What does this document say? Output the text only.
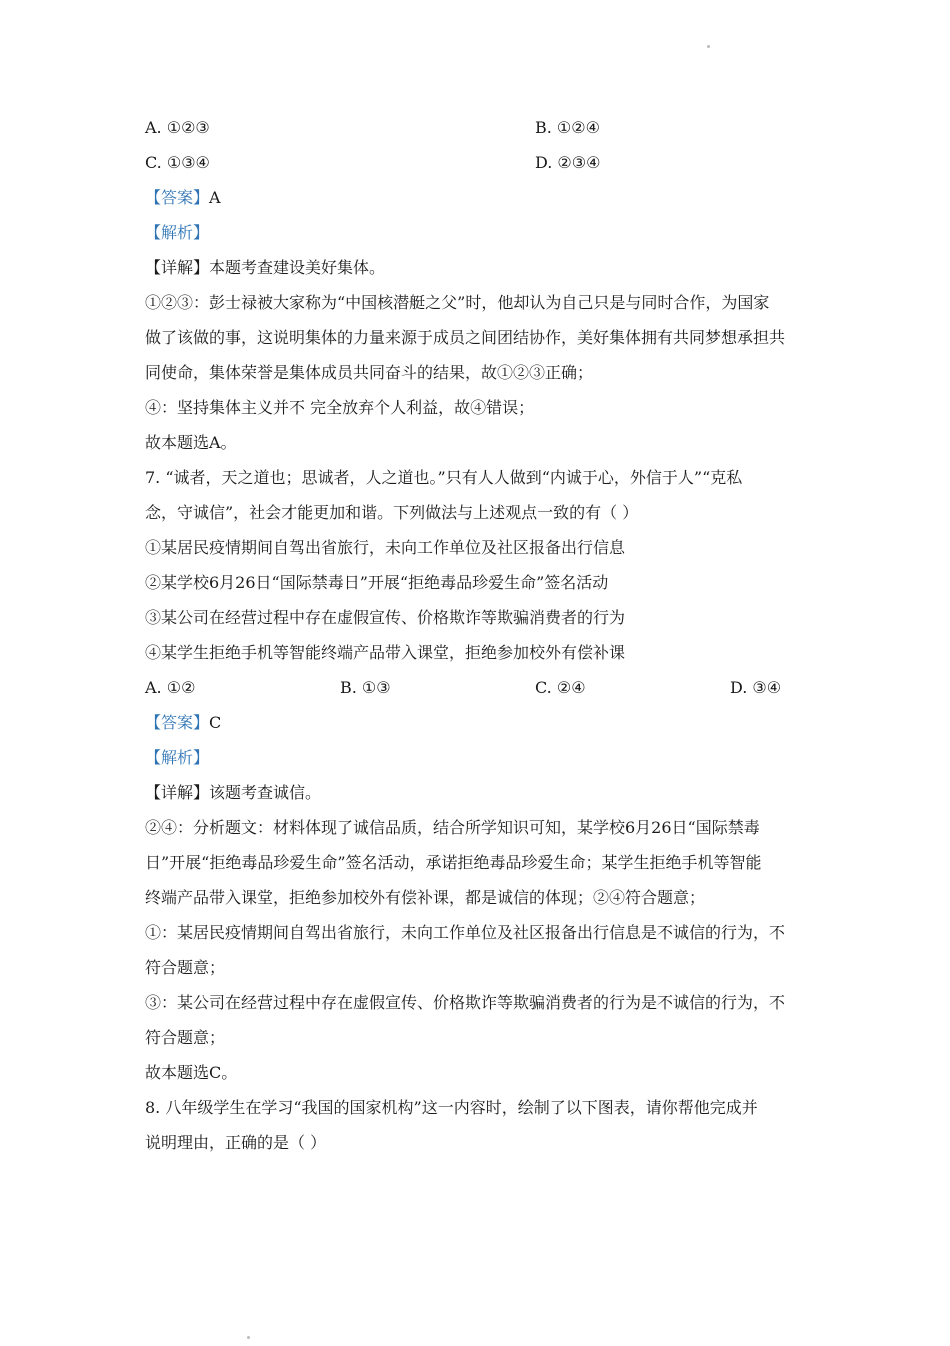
A. ①②③	B. ①②④
C. ①③④	D. ②③④
【答案】A
【解析】
【详解】本题考查建设美好集体。
①②③：彭士禄被大家称为“中国核潜艇之父”时，他却认为自己只是与同时合作，为国家
做了该做的事，这说明集体的力量来源于成员之间团结协作，美好集体拥有共同梦想承担共
同使命，集体荣誉是集体成员共同奋斗的结果，故①②③正确；
④：坚持集体主义并不 完全放弃个人利益，故④错误；
故本题选A。
7. “诚者，天之道也；思诚者，人之道也。”只有人人做到“内诚于心，外信于人”“克私
念，守诚信”，社会才能更加和谐。下列做法与上述观点一致的有（ ）
①某居民疫情期间自驾出省旅行，未向工作单位及社区报备出行信息
②某学校6月26日“国际禁毒日”开展“拒绝毒品珍爱生命”签名活动
③某公司在经营过程中存在虚假宣传、价格欺诈等欺骗消费者的行为
④某学生拒绝手机等智能终端产品带入课堂，拒绝参加校外有偿补课
A. ①②	B. ①③	C. ②④	D. ③④
【答案】C
【解析】
【详解】该题考查诚信。
②④：分析题文：材料体现了诚信品质，结合所学知识可知，某学校6月26日“国际禁毒
日”开展“拒绝毒品珍爱生命”签名活动，承诺拒绝毒品珍爱生命；某学生拒绝手机等智能
终端产品带入课堂，拒绝参加校外有偿补课，都是诚信的体现；②④符合题意；
①：某居民疫情期间自驾出省旅行，未向工作单位及社区报备出行信息是不诚信的行为，不
符合题意；
③：某公司在经营过程中存在虚假宣传、价格欺诈等欺骗消费者的行为是不诚信的行为，不
符合题意；
故本题选C。
8. 八年级学生在学习“我国的国家机构”这一内容时，绘制了以下图表，请你帮他完成并
说明理由，正确的是（ ）
